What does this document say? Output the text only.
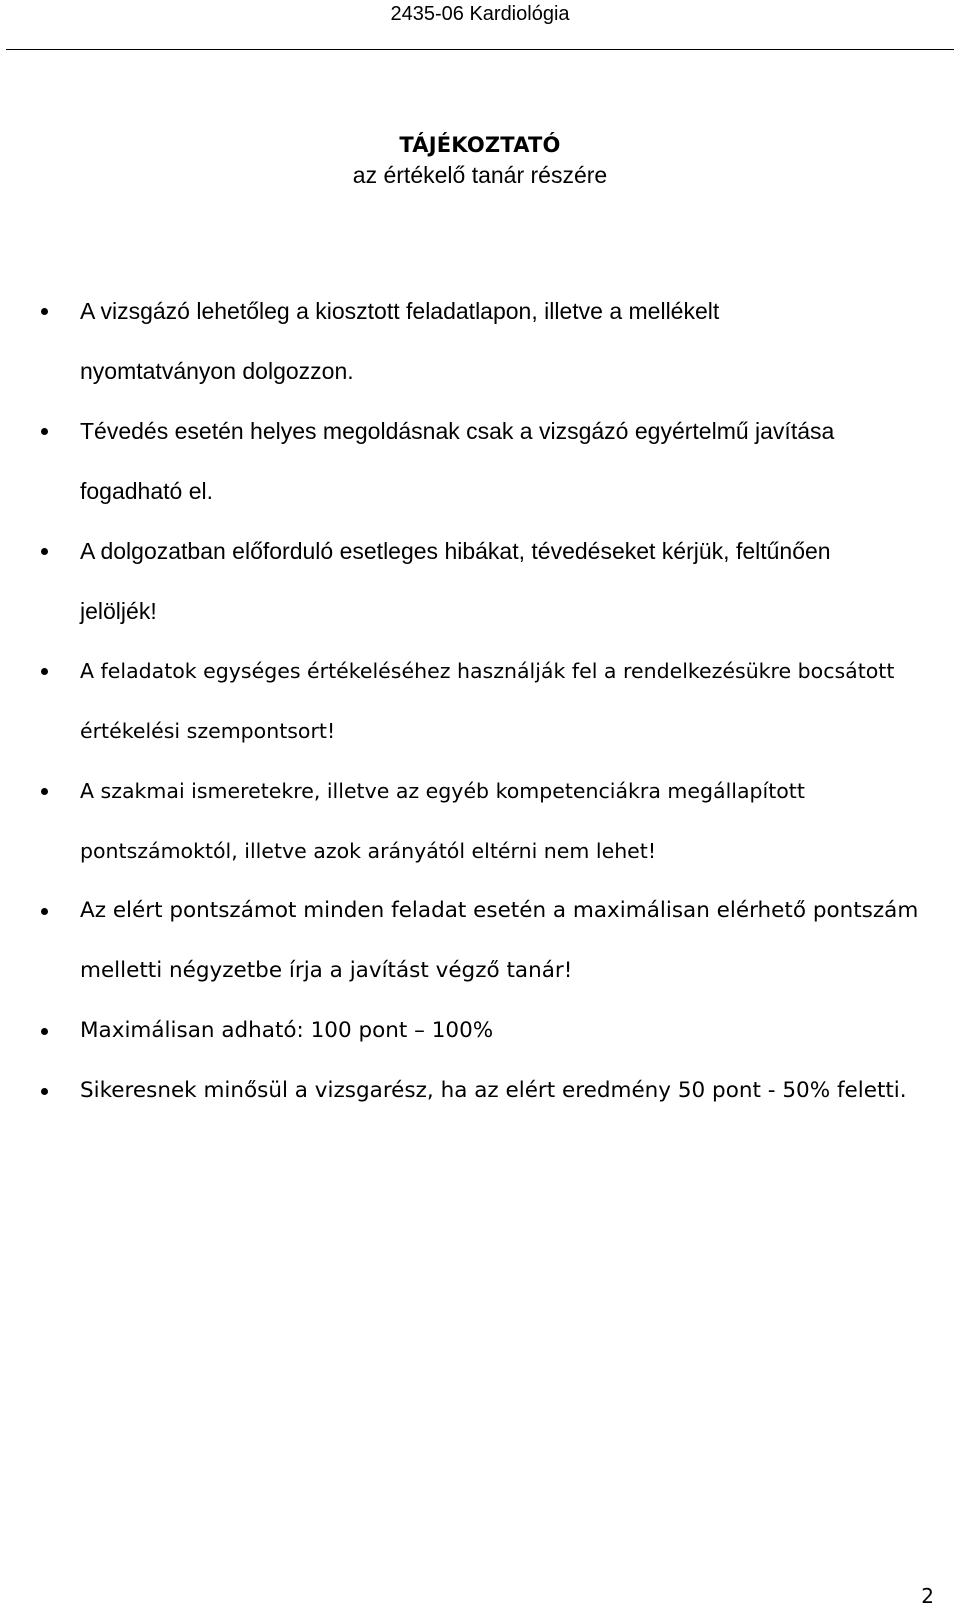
2435-06 Kardiológia
TÁJÉKOZTATÓ
az értékelő tanár részére
A vizsgázó lehetőleg a kiosztott feladatlapon, illetve a mellékelt
nyomtatványon dolgozzon.
Tévedés esetén helyes megoldásnak csak a vizsgázó egyértelmű javítása
fogadható el.
A dolgozatban előforduló esetleges hibákat, tévedéseket kérjük, feltűnően
jelöljék!
A feladatok egységes értékeléséhez használják fel a rendelkezésükre bocsátott
értékelési szempontsort!
A szakmai ismeretekre, illetve az egyéb kompetenciákra megállapított
pontszámoktól, illetve azok arányától eltérni nem lehet!
Az elért pontszámot minden feladat esetén a maximálisan elérhető pontszám
melletti négyzetbe írja a javítást végző tanár!
Maximálisan adható: 100 pont – 100%
Sikeresnek minősül a vizsgarész, ha az elért eredmény 50 pont - 50% feletti.
2
